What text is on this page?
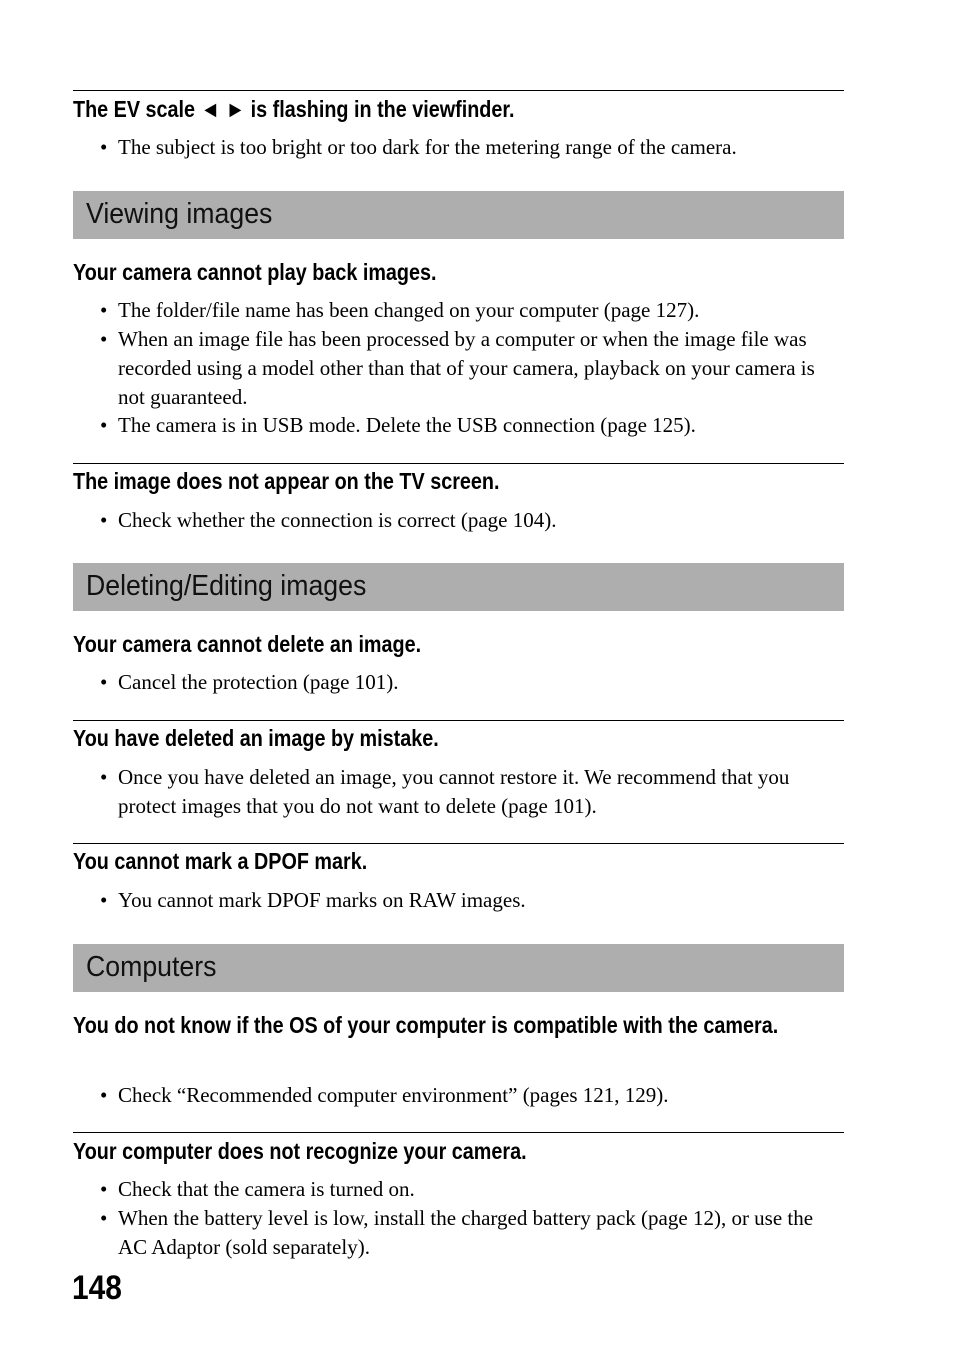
The EV scale ◄ ► is flashing in the viewfinder.
• The subject is too bright or too dark for the metering range of the camera.
Viewing images
Your camera cannot play back images.
• The folder/file name has been changed on your computer (page 127).
• When an image file has been processed by a computer or when the image file was recorded using a model other than that of your camera, playback on your camera is not guaranteed.
• The camera is in USB mode. Delete the USB connection (page 125).
The image does not appear on the TV screen.
• Check whether the connection is correct (page 104).
Deleting/Editing images
Your camera cannot delete an image.
• Cancel the protection (page 101).
You have deleted an image by mistake.
• Once you have deleted an image, you cannot restore it. We recommend that you protect images that you do not want to delete (page 101).
You cannot mark a DPOF mark.
• You cannot mark DPOF marks on RAW images.
Computers
You do not know if the OS of your computer is compatible with the camera.
• Check “Recommended computer environment” (pages 121, 129).
Your computer does not recognize your camera.
• Check that the camera is turned on.
• When the battery level is low, install the charged battery pack (page 12), or use the AC Adaptor (sold separately).
148
